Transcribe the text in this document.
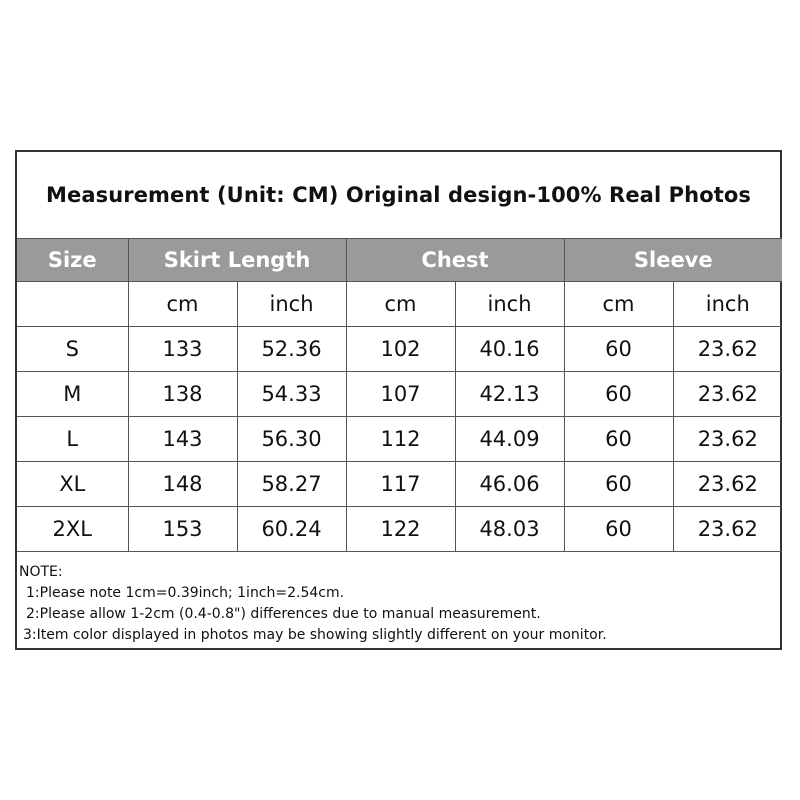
Measurement (Unit: CM) Original design-100% Real Photos
Size	Skirt Length		Chest		Sleeve	
	cm	inch	cm	inch	cm	inch
S	133	52.36	102	40.16	60	23.62
M	138	54.33	107	42.13	60	23.62
L	143	56.30	112	44.09	60	23.62
XL	148	58.27	117	46.06	60	23.62
2XL	153	60.24	122	48.03	60	23.62
NOTE:
1:Please note 1cm=0.39inch; 1inch=2.54cm.
2:Please allow 1-2cm (0.4-0.8") differences due to manual measurement.
3:Item color displayed in photos may be showing slightly different on your monitor.
